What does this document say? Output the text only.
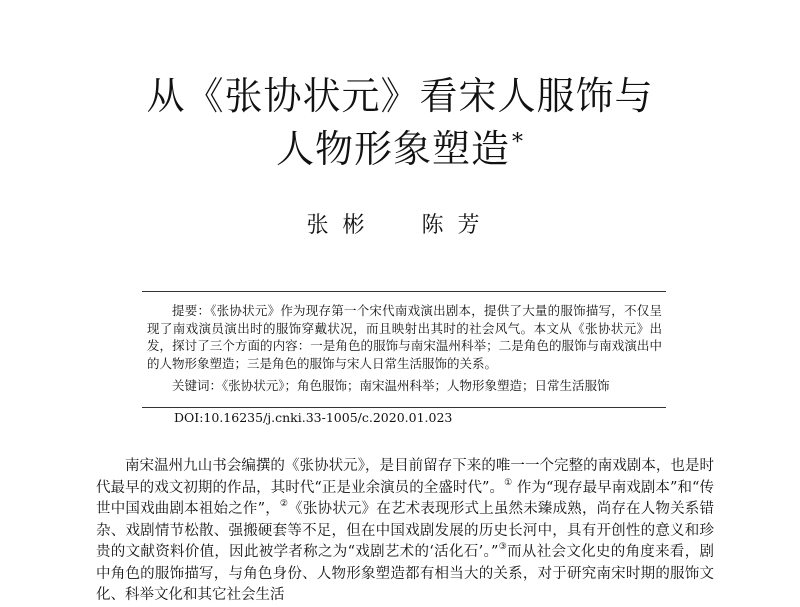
从《张协状元》看宋人服饰与
人物形象塑造*
张彬 陈芳
提要：《张协状元》作为现存第一个宋代南戏演出剧本，提供了大量的服饰描写，不仅呈现了南戏演员演出时的服饰穿戴状况，而且映射出其时的社会风气。本文从《张协状元》出发，探讨了三个方面的内容：一是角色的服饰与南宋温州科举；二是角色的服饰与南戏演出中的人物形象塑造；三是角色的服饰与宋人日常生活服饰的关系。
关键词：《张协状元》；角色服饰；南宋温州科举；人物形象塑造；日常生活服饰
DOI:10.16235/j.cnki.33-1005/c.2020.01.023
南宋温州九山书会编撰的《张协状元》，是目前留存下来的唯一一个完整的南戏剧本，也是时代最早的戏文初期的作品，其时代“正是业余演员的全盛时代”。① 作为“现存最早南戏剧本”和“传世中国戏曲剧本祖始之作”，②《张协状元》在艺术表现形式上虽然未臻成熟，尚存在人物关系错杂、戏剧情节松散、强搬硬套等不足，但在中国戏剧发展的历史长河中，具有开创性的意义和珍贵的文献资料价值，因此被学者称之为“戏剧艺术的‘活化石’。”③而从社会文化史的角度来看，剧中角色的服饰描写，与角色身份、人物形象塑造都有相当大的关系，对于研究南宋时期的服饰文化、科举文化和其它社会生活
